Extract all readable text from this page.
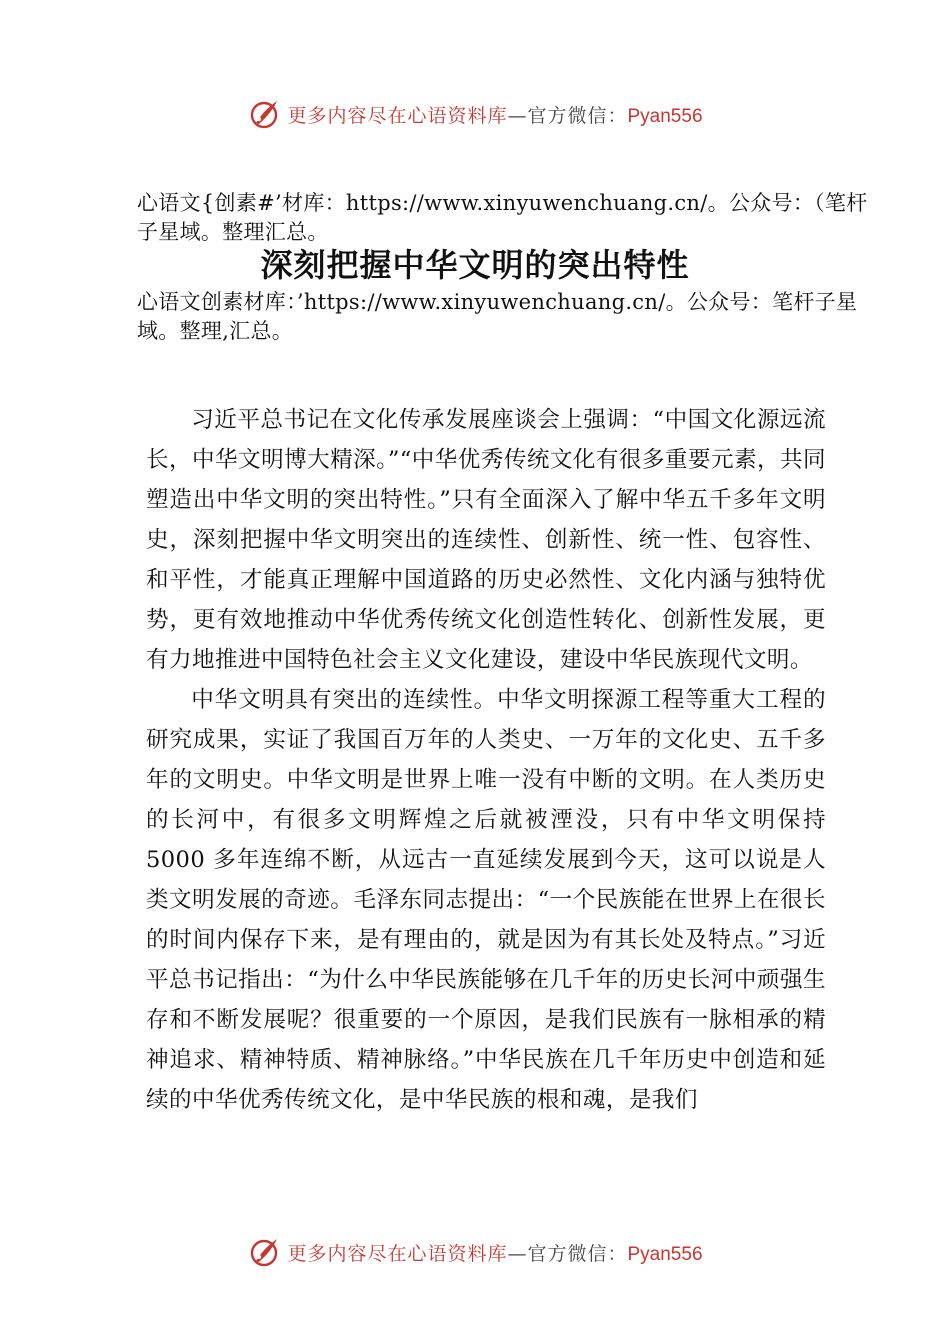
更多内容尽在心语资料库—官方微信：Pyan556
心语文{创素#’材库：https://www.xinyuwenchuang.cn/。公众号：（笔杆子星域。整理汇总。
深刻把握中华文明的突出特性
心语文创素材库：’https://www.xinyuwenchuang.cn/。公众号：笔杆子星域。整理,汇总。

习近平总书记在文化传承发展座谈会上强调：“中国文化源远流长，中华文明博大精深。”“中华优秀传统文化有很多重要元素，共同塑造出中华文明的突出特性。”只有全面深入了解中华五千多年文明史，深刻把握中华文明突出的连续性、创新性、统一性、包容性、和平性，才能真正理解中国道路的历史必然性、文化内涵与独特优势，更有效地推动中华优秀传统文化创造性转化、创新性发展，更有力地推进中国特色社会主义文化建设，建设中华民族现代文明。

中华文明具有突出的连续性。中华文明探源工程等重大工程的研究成果，实证了我国百万年的人类史、一万年的文化史、五千多年的文明史。中华文明是世界上唯一没有中断的文明。在人类历史的长河中，有很多文明辉煌之后就被湮没，只有中华文明保持 5000 多年连绵不断，从远古一直延续发展到今天，这可以说是人类文明发展的奇迹。毛泽东同志提出：“一个民族能在世界上在很长的时间内保存下来，是有理由的，就是因为有其长处及特点。”习近平总书记指出：“为什么中华民族能够在几千年的历史长河中顽强生存和不断发展呢？很重要的一个原因，是我们民族有一脉相承的精神追求、精神特质、精神脉络。”中华民族在几千年历史中创造和延续的中华优秀传统文化，是中华民族的根和魂，是我们

更多内容尽在心语资料库—官方微信：Pyan556
